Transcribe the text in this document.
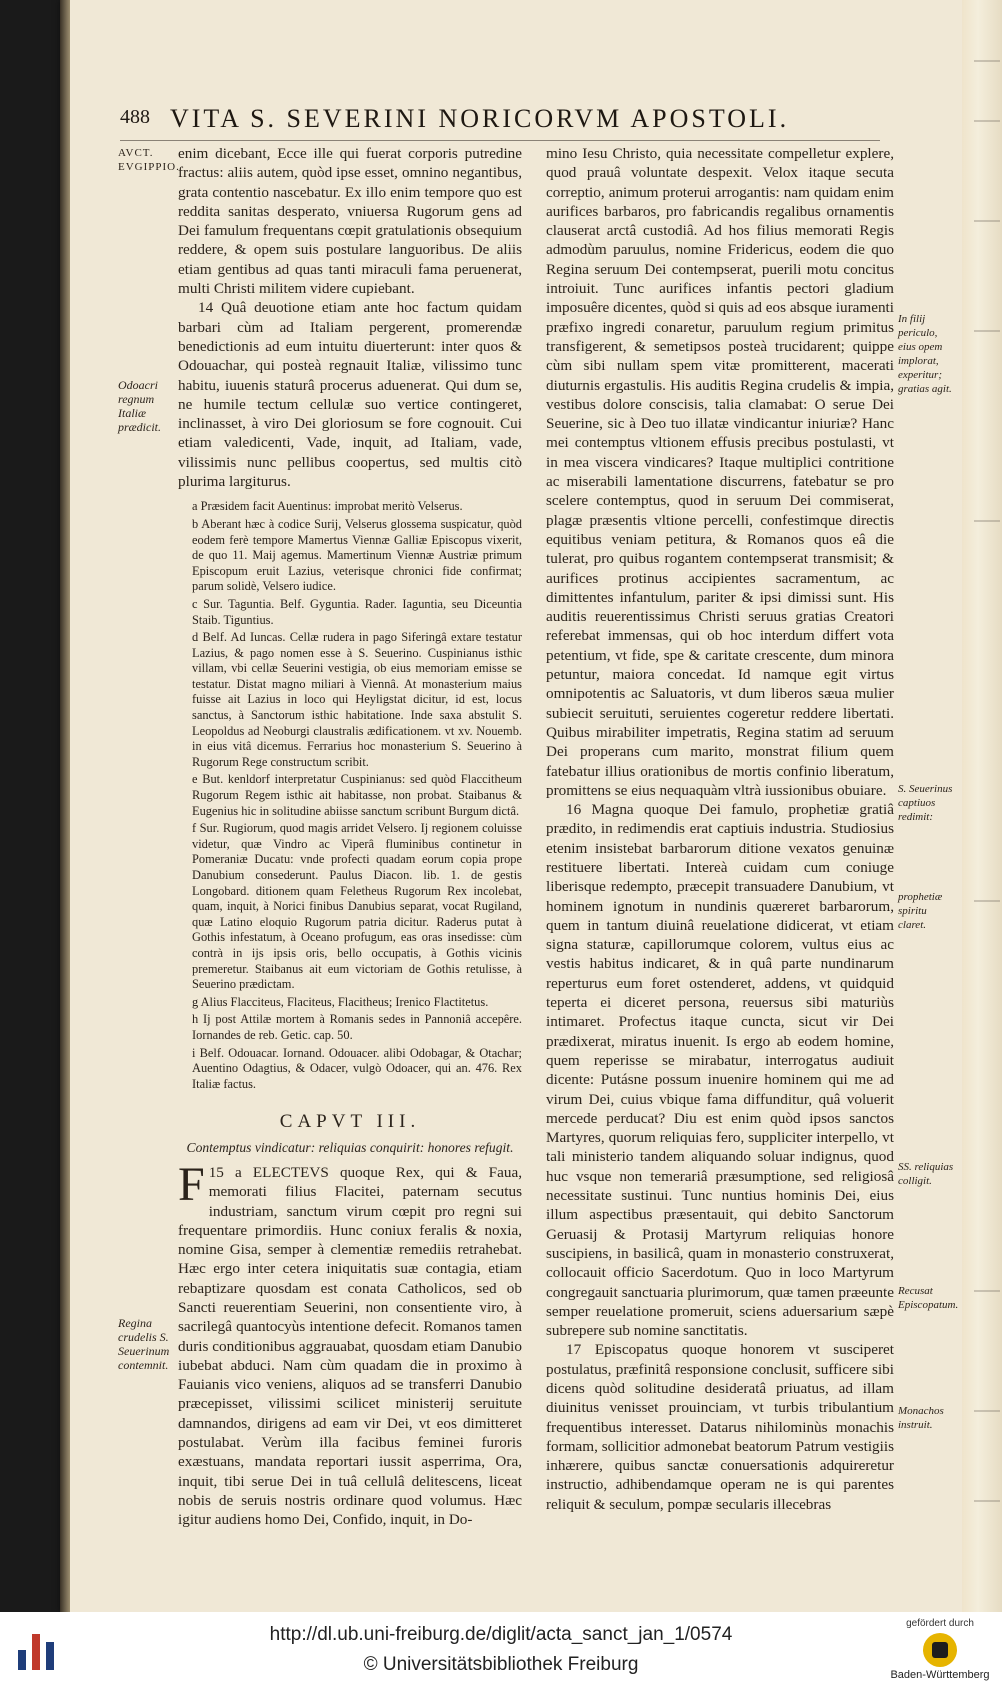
488 VITA S. SEVERINI NORICORVM APOSTOLI.
AVCT. EVGIPPIO.
Odoacri regnum Italiæ prædicit.
Regina crudelis S. Seuerinum contemnit.
In filij periculo, eius opem implorat, experitur; gratias agit.
S. Seuerinus captiuos redimit:
prophetiæ spiritu claret.
SS. reliquias colligit.
Recusat Episcopatum.
Monachos instruit.

enim dicebant, Ecce ille qui fuerat corporis putredine fractus: aliis autem, quòd ipse esset, omnino negantibus, grata contentio nascebatur. Ex illo enim tempore quo est reddita sanitas desperato, vniuersa Rugorum gens ad Dei famulum frequentans cœpit gratulationis obsequium reddere, & opem suis postulare languoribus. De aliis etiam gentibus ad quas tanti miraculi fama peruenerat, multi Christi militem videre cupiebant.

14 Quâ deuotione etiam ante hoc factum quidam barbari cùm ad Italiam pergerent, promerendæ benedictionis ad eum intuitu diuerterunt: inter quos & Odouachar, qui posteà regnauit Italiæ, vilissimo tunc habitu, iuuenis staturâ procerus aduenerat. Qui dum se, ne humile tectum cellulæ suo vertice contingeret, inclinasset, à viro Dei gloriosum se fore cognouit. Cui etiam valedicenti, Vade, inquit, ad Italiam, vade, vilissimis nunc pellibus coopertus, sed multis citò plurima largiturus.

a Præsidem facit Auentinus: improbat meritò Velserus.

b Aberant hæc à codice Surij, Velserus glossema suspicatur, quòd eodem ferè tempore Mamertus Viennæ Galliæ Episcopus vixerit, de quo 11. Maij agemus. Mamertinum Viennæ Austriæ primum Episcopum eruit Lazius, veterisque chronici fide confirmat; parum solidè, Velsero iudice.

c Sur. Taguntia. Belf. Gyguntia. Rader. Iaguntia, seu Diceuntia Staib. Tiguntius.

d Belf. Ad Iuncas. Cellæ rudera in pago Siferingâ extare testatur Lazius, & pago nomen esse à S. Seuerino. Cuspinianus isthic villam, vbi cellæ Seuerini vestigia, ob eius memoriam emisse se testatur. Distat magno miliari à Viennâ. At monasterium maius fuisse ait Lazius in loco qui Heyligstat dicitur, id est, locus sanctus, à Sanctorum isthic habitatione. Inde saxa abstulit S. Leopoldus ad Neoburgi claustralis ædificationem. vt xv. Nouemb. in eius vitâ dicemus. Ferrarius hoc monasterium S. Seuerino à Rugorum Rege constructum scribit.

e But. kenldorf interpretatur Cuspinianus: sed quòd Flaccitheum Rugorum Regem isthic ait habitasse, non probat. Staibanus & Eugenius hic in solitudine abiisse sanctum scribunt Burgum dictâ.

f Sur. Rugiorum, quod magis arridet Velsero. Ij regionem coluisse videtur, quæ Vindro ac Viperâ fluminibus continetur in Pomeraniæ Ducatu: vnde profecti quadam eorum copia prope Danubium consederunt. Paulus Diacon. lib. 1. de gestis Longobard. ditionem quam Feletheus Rugorum Rex incolebat, quam, inquit, à Norici finibus Danubius separat, vocat Rugiland, quæ Latino eloquio Rugorum patria dicitur. Raderus putat à Gothis infestatum, à Oceano profugum, eas oras insedisse: cùm contrà in ijs ipsis oris, bello occupatis, à Gothis vicinis premeretur. Staibanus ait eum victoriam de Gothis retulisse, à Seuerino prædictam.

g Alius Flacciteus, Flaciteus, Flacitheus; Irenico Flactitetus.

h Ij post Attilæ mortem à Romanis sedes in Pannoniâ accepêre. Iornandes de reb. Getic. cap. 50.

i Belf. Odouacar. Iornand. Odouacer. alibi Odobagar, & Otachar; Auentino Odagtius, & Odacer, vulgò Odoacer, qui an. 476. Rex Italiæ factus.

CAPVT III.
Contemptus vindicatur: reliquias conquirit: honores refugit.

15 a
F	ELECTEVS quoque Rex, qui & Faua, memorati filius Flacitei, paternam secutus industriam, sanctum virum cœpit pro regni sui frequentare primordiis. Hunc coniux feralis & noxia, nomine Gisa, semper à clementiæ remediis retrahebat. Hæc ergo inter cetera iniquitatis suæ contagia, etiam rebaptizare quosdam est conata Catholicos, sed ob Sancti reuerentiam Seuerini, non consentiente viro, à sacrilegâ quantocyùs intentione defecit. Romanos tamen duris conditionibus aggrauabat, quosdam etiam Danubio iubebat abduci. Nam cùm quadam die in proximo à Fauianis vico veniens, aliquos ad se transferri Danubio præcepisset, vilissimi scilicet ministerij seruitute damnandos, dirigens ad eam vir Dei, vt eos dimitteret postulabat. Verùm illa facibus feminei furoris exæstuans, mandata reportari iussit asperrima, Ora, inquit, tibi serue Dei in tuâ cellulâ delitescens, liceat nobis de seruis nostris ordinare quod volumus. Hæc igitur audiens homo Dei, Confido, inquit, in Do-

mino Iesu Christo, quia necessitate compelletur explere, quod prauâ voluntate despexit. Velox itaque secuta correptio, animum proterui arrogantis: nam quidam enim aurifices barbaros, pro fabricandis regalibus ornamentis clauserat arctâ custodiâ. Ad hos filius memorati Regis admodùm paruulus, nomine Fridericus, eodem die quo Regina seruum Dei contempserat, puerili motu concitus introiuit. Tunc aurifices infantis pectori gladium imposuêre dicentes, quòd si quis ad eos absque iuramenti præfixo ingredi conaretur, paruulum regium primitus transfigerent, & semetipsos posteà trucidarent; quippe cùm sibi nullam spem vitæ promitterent, macerati diuturnis ergastulis. His auditis Regina crudelis & impia, vestibus dolore conscisis, talia clamabat: O serue Dei Seuerine, sic à Deo tuo illatæ vindicantur iniuriæ? Hanc mei contemptus vltionem effusis precibus postulasti, vt in mea viscera vindicares? Itaque multiplici contritione ac miserabili lamentatione discurrens, fatebatur se pro scelere contemptus, quod in seruum Dei commiserat, plagæ præsentis vltione percelli, confestimque directis equitibus veniam petitura, & Romanos quos eâ die tulerat, pro quibus rogantem contempserat transmisit; & aurifices protinus accipientes sacramentum, ac dimittentes infantulum, pariter & ipsi dimissi sunt. His auditis reuerentissimus Christi seruus gratias Creatori referebat immensas, qui ob hoc interdum differt vota petentium, vt fide, spe & caritate crescente, dum minora petuntur, maiora concedat. Id namque egit virtus omnipotentis ac Saluatoris, vt dum liberos sæua mulier subiecit seruituti, seruientes cogeretur reddere libertati. Quibus mirabiliter impetratis, Regina statim ad seruum Dei properans cum marito, monstrat filium quem fatebatur illius orationibus de mortis confinio liberatum, promittens se eius nequaquàm vltrà iussionibus obuiare.

16 Magna quoque Dei famulo, prophetiæ gratiâ prædito, in redimendis erat captiuis industria. Studiosius etenim insistebat barbarorum ditione vexatos genuinæ restituere libertati. Intereà cuidam cum coniuge liberisque redempto, præcepit transuadere Danubium, vt hominem ignotum in nundinis quæreret barbarorum, quem in tantum diuinâ reuelatione didicerat, vt etiam signa staturæ, capillorumque colorem, vultus eius ac vestis habitus indicaret, & in quâ parte nundinarum reperturus eum foret ostenderet, addens, vt quidquid teperta ei diceret persona, reuersus sibi maturiùs intimaret. Profectus itaque cuncta, sicut vir Dei prædixerat, miratus inuenit. Is ergo ab eodem homine, quem reperisse se mirabatur, interrogatus audiuit dicente: Putásne possum inuenire hominem qui me ad virum Dei, cuius vbique fama diffunditur, quâ voluerit mercede perducat? Diu est enim quòd ipsos sanctos Martyres, quorum reliquias fero, suppliciter interpello, vt tali ministerio tandem aliquando soluar indignus, quod huc vsque non temerariâ præsumptione, sed religiosâ necessitate sustinui. Tunc nuntius hominis Dei, eius illum aspectibus præsentauit, qui debito Sanctorum Geruasij & Protasij Martyrum reliquias honore suscipiens, in basilicâ, quam in monasterio construxerat, collocauit officio Sacerdotum. Quo in loco Martyrum congregauit sanctuaria plurimorum, quæ tamen præeunte semper reuelatione promeruit, sciens aduersarium sæpè subrepere sub nomine sanctitatis.

17 Episcopatus quoque honorem vt susciperet postulatus, præfinitâ responsione conclusit, sufficere sibi dicens quòd solitudine desideratâ priuatus, ad illam diuinitus venisset prouinciam, vt turbis tribulantium frequentibus interesset. Datarus nihilominùs monachis formam, sollicitior admonebat beatorum Patrum vestigiis inhærere, quibus sanctæ conuersationis adquireretur instructio, adhibendamque operam ne is qui parentes reliquit & seculum, pompæ secularis illecebras

http://dl.ub.uni-freiburg.de/diglit/acta_sanct_jan_1/0574
© Universitätsbibliothek Freiburg
gefördert durch
Baden-Württemberg
